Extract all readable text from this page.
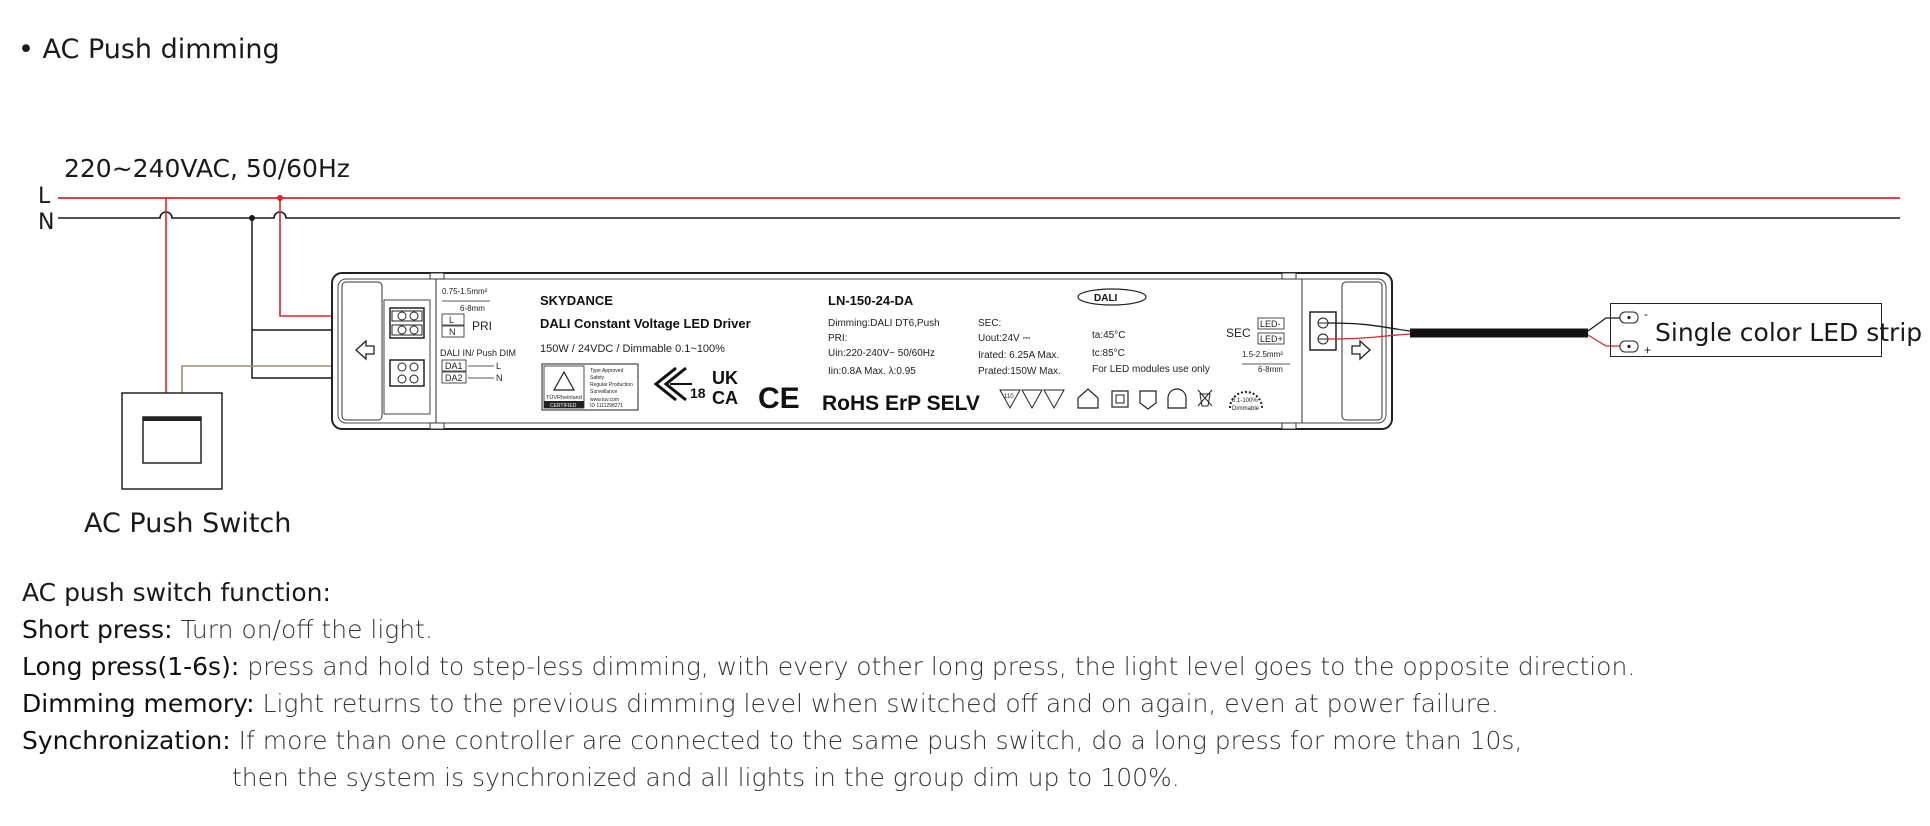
• AC Push dimming
220~240VAC, 50/60Hz
L
N
-
+
0.75-1.5mm²
6-8mm
L
N PRI
DALI IN/ Push DIM
DA1	L
DA2	N
SKYDANCE
DALI Constant Voltage LED Driver
150W / 24VDC / Dimmable 0.1~100%
TÜVRheinland
CERTIFIED
Type Approved
Safety
Regular Production
Surveillance
www.tuv.com
ID 1111298271
18
UK
CA CE RoHS ErP SELV
LN-150-24-DA
Dimming:DALI DT6,Push
PRI:
Uin:220-240V~ 50/60Hz
Iin:0.8A Max. λ:0.95
SEC:
Uout:24V ⎓
Irated: 6.25A Max.
Prated:150W Max.
ta:45°C
tc:85°C
For LED modules use only
DALI
SEC
LED-
LED+
1.5-2.5mm²
6-8mm
110
0.1-100%
Dimmable
AC Push Switch
Single color LED strip
AC push switch function:
Short press: Turn on/off the light.
Long press(1-6s): press and hold to step-less dimming, with every other long press, the light level goes to the opposite direction.
Dimming memory: Light returns to the previous dimming level when switched off and on again, even at power failure.
Synchronization: If more than one controller are connected to the same push switch, do a long press for more than 10s,
then the system is synchronized and all lights in the group dim up to 100%.
